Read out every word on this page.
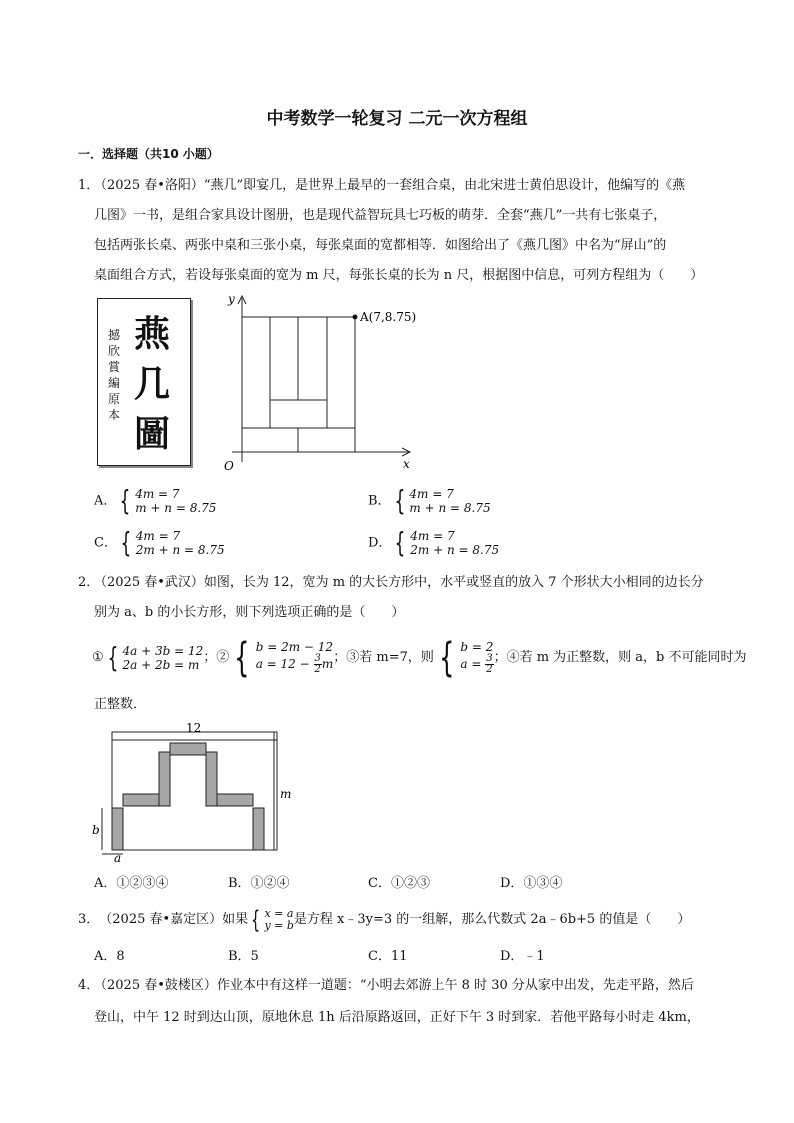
中考数学一轮复习 二元一次方程组
一．选择题（共10 小题）
1．
（2025 春•洛阳）“燕几”即宴几，是世界上最早的一套组合桌，由北宋进士黄伯思设计，他编写的《燕
几图》一书，是组合家具设计图册，也是现代益智玩具七巧板的萌芽．全套“燕几”一共有七张桌子，
包括两张长桌、两张中桌和三张小桌，每张桌面的宽都相等．如图给出了《燕几图》中名为“屏山”的
桌面组合方式，若设每张桌面的宽为 m 尺，每张长桌的长为 n 尺，根据图中信息，可列方程组为（　　）
撼欣賞編原本
燕
几
圖
y
x
O
A(7,8.75)
A． { 4m = 7
m + n = 8.75	B． { 4m = 7
m + n = 8.75
C． { 4m = 7
2m + n = 8.75	D． { 4m = 7
2m + n = 8.75
2．
（2025 春•武汉）如图，长为 12，宽为 m 的大长方形中，水平或竖直的放入 7 个形状大小相同的边长分
别为 a、b 的小长方形，则下列选项正确的是（　　）
① { 4a + 3b = 12
2a + 2b = m ；② { b = 2m − 12
$a = 12 - \frac{3}{2}$ m ；③若 m=7，则 { b = 2
$a = \frac{3}{2}$ ；④若 m 为正整数，则 a，b 不可能同时为
正整数．
12
m
b
a
A．①②③④	B．①②④	C．①②③	D．①③④
3． （2025 春•嘉定区）如果 { x = a
y = b 是方程 x﹣3y=3 的一组解，那么代数式 2a﹣6b+5 的值是（　　）
A．8	B．5	C．11	D．﹣1
4．
（2025 春•鼓楼区）作业本中有这样一道题：“小明去郊游上午 8 时 30 分从家中出发，先走平路，然后
登山，中午 12 时到达山顶，原地休息 1h 后沿原路返回，正好下午 3 时到家．若他平路每小时走 4km，
